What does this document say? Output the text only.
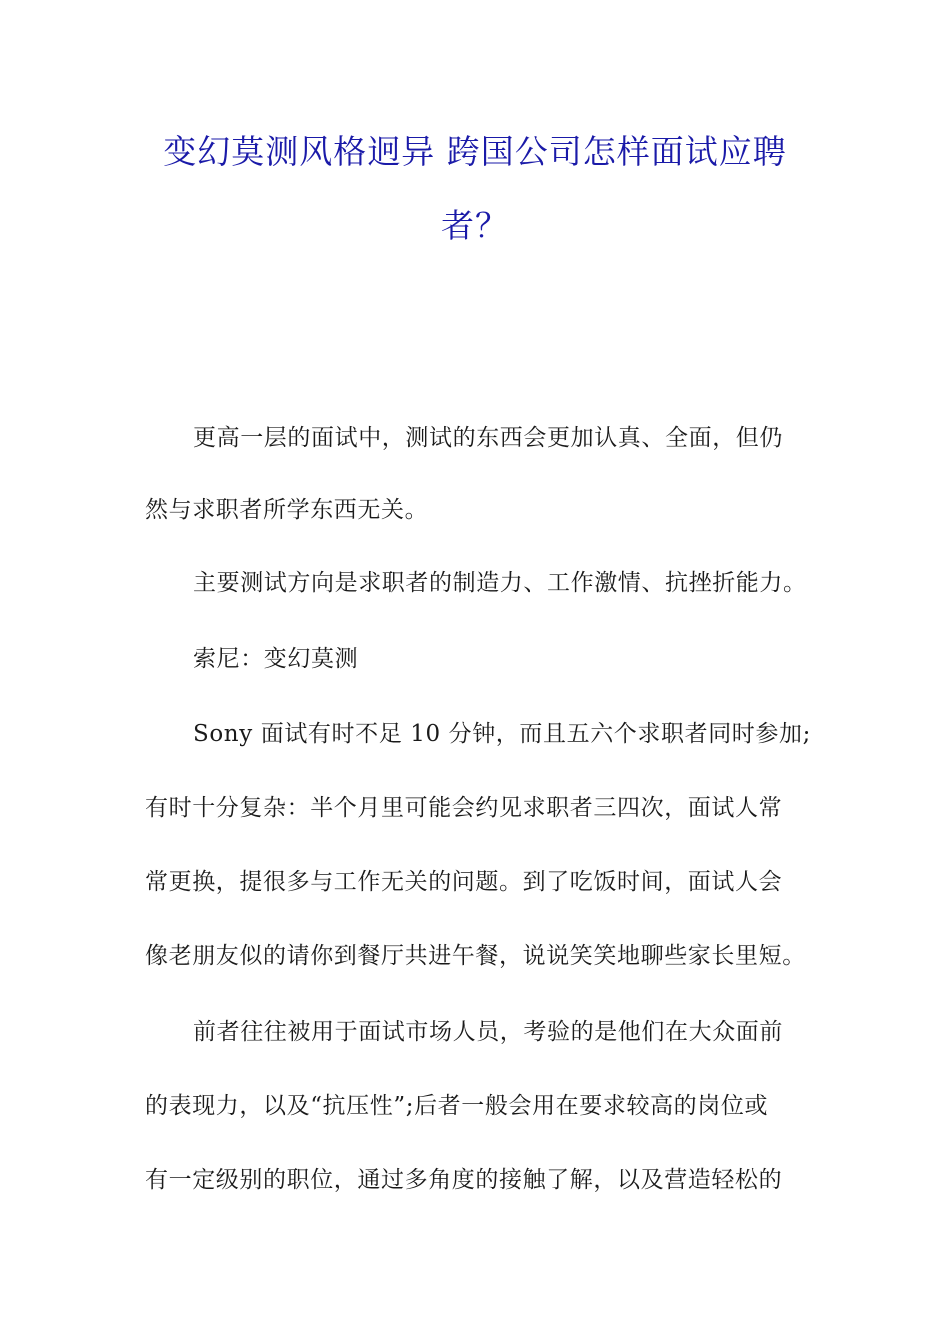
变幻莫测风格迥异 跨国公司怎样面试应聘
者？
更高一层的面试中，测试的东西会更加认真、全面，但仍
然与求职者所学东西无关。
主要测试方向是求职者的制造力、工作激情、抗挫折能力。
索尼：变幻莫测
Sony 面试有时不足 10 分钟，而且五六个求职者同时参加;
有时十分复杂：半个月里可能会约见求职者三四次，面试人常
常更换，提很多与工作无关的问题。到了吃饭时间，面试人会
像老朋友似的请你到餐厅共进午餐，说说笑笑地聊些家长里短。
前者往往被用于面试市场人员，考验的是他们在大众面前
的表现力，以及“抗压性”;后者一般会用在要求较高的岗位或
有一定级别的职位，通过多角度的接触了解，以及营造轻松的
